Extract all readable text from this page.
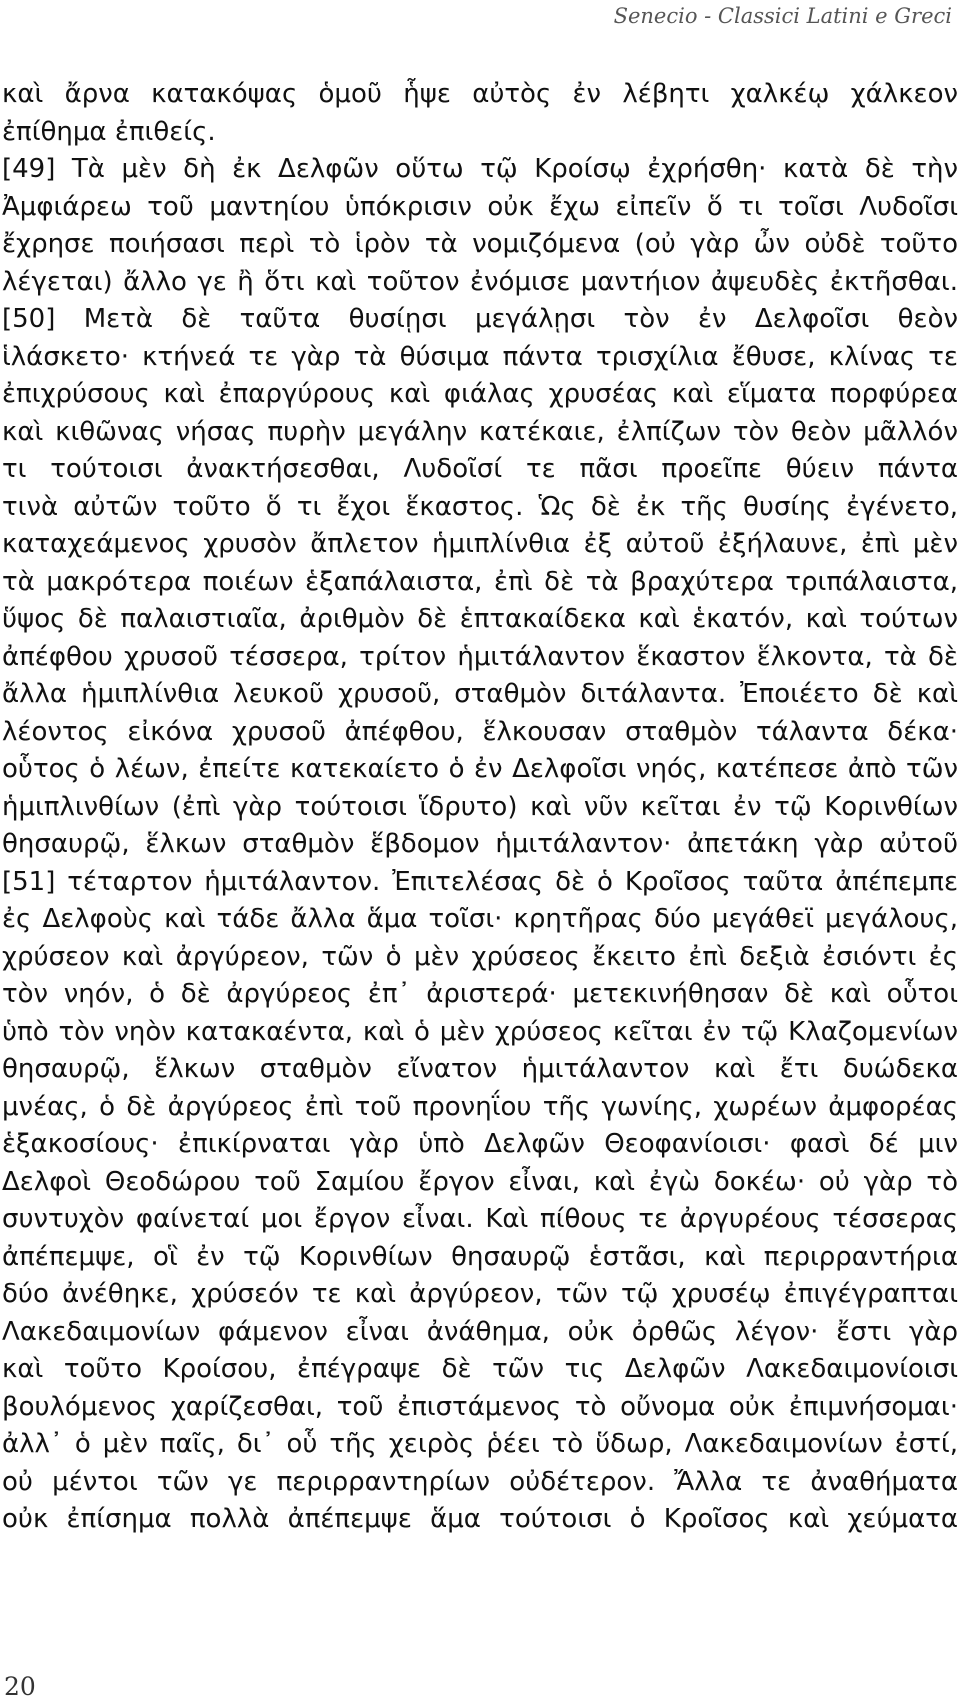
Senecio - Classici Latini e Greci
καὶ ἄρνα κατακόψας ὁμοῦ ἧψε αὐτὸς ἐν λέβητι χαλκέῳ χάλκεον
ἐπίθημα ἐπιθείς.
[49] Τὰ μὲν δὴ ἐκ Δελφῶν οὕτω τῷ Κροίσῳ ἐχρήσθη· κατὰ δὲ τὴν
Ἀμφιάρεω τοῦ μαντηίου ὑπόκρισιν οὐκ ἔχω εἰπεῖν ὅ τι τοῖσι Λυδοῖσι
ἔχρησε ποιήσασι περὶ τὸ ἱρὸν τὰ νομιζόμενα (οὐ γὰρ ὦν οὐδὲ τοῦτο
λέγεται) ἄλλο γε ἢ ὅτι καὶ τοῦτον ἐνόμισε μαντήιον ἀψευδὲς ἐκτῆσθαι.
[50] Μετὰ δὲ ταῦτα θυσίῃσι μεγάλῃσι τὸν ἐν Δελφοῖσι θεὸν
ἱλάσκετο· κτήνεά τε γὰρ τὰ θύσιμα πάντα τρισχίλια ἔθυσε, κλίνας τε
ἐπιχρύσους καὶ ἐπαργύρους καὶ φιάλας χρυσέας καὶ εἵματα πορφύρεα
καὶ κιθῶνας νήσας πυρὴν μεγάλην κατέκαιε, ἐλπίζων τὸν θεὸν μᾶλλόν
τι τούτοισι ἀνακτήσεσθαι, Λυδοῖσί τε πᾶσι προεῖπε θύειν πάντα
τινὰ αὐτῶν τοῦτο ὅ τι ἔχοι ἕκαστος. Ὡς δὲ ἐκ τῆς θυσίης ἐγένετο,
καταχεάμενος χρυσὸν ἄπλετον ἡμιπλίνθια ἐξ αὐτοῦ ἐξήλαυνε, ἐπὶ μὲν
τὰ μακρότερα ποιέων ἑξαπάλαιστα, ἐπὶ δὲ τὰ βραχύτερα τριπάλαιστα,
ὕψος δὲ παλαιστιαῖα, ἀριθμὸν δὲ ἑπτακαίδεκα καὶ ἑκατόν, καὶ τούτων
ἀπέφθου χρυσοῦ τέσσερα, τρίτον ἡμιτάλαντον ἕκαστον ἕλκοντα, τὰ δὲ
ἄλλα ἡμιπλίνθια λευκοῦ χρυσοῦ, σταθμὸν διτάλαντα. Ἐποιέετο δὲ καὶ
λέοντος εἰκόνα χρυσοῦ ἀπέφθου, ἕλκουσαν σταθμὸν τάλαντα δέκα·
οὗτος ὁ λέων, ἐπείτε κατεκαίετο ὁ ἐν Δελφοῖσι νηός, κατέπεσε ἀπὸ τῶν
ἡμιπλινθίων (ἐπὶ γὰρ τούτοισι ἵδρυτο) καὶ νῦν κεῖται ἐν τῷ Κορινθίων
θησαυρῷ, ἕλκων σταθμὸν ἕβδομον ἡμιτάλαντον· ἀπετάκη γὰρ αὐτοῦ
[51] τέταρτον ἡμιτάλαντον. Ἐπιτελέσας δὲ ὁ Κροῖσος ταῦτα ἀπέπεμπε
ἐς Δελφοὺς καὶ τάδε ἄλλα ἅμα τοῖσι· κρητῆρας δύο μεγάθεϊ μεγάλους,
χρύσεον καὶ ἀργύρεον, τῶν ὁ μὲν χρύσεος ἔκειτο ἐπὶ δεξιὰ ἐσιόντι ἐς
τὸν νηόν, ὁ δὲ ἀργύρεος ἐπ᾽ ἀριστερά· μετεκινήθησαν δὲ καὶ οὗτοι
ὑπὸ τὸν νηὸν κατακαέντα, καὶ ὁ μὲν χρύσεος κεῖται ἐν τῷ Κλαζομενίων
θησαυρῷ, ἕλκων σταθμὸν εἴνατον ἡμιτάλαντον καὶ ἔτι δυώδεκα
μνέας, ὁ δὲ ἀργύρεος ἐπὶ τοῦ προνηΐου τῆς γωνίης, χωρέων ἀμφορέας
ἑξακοσίους· ἐπικίρναται γὰρ ὑπὸ Δελφῶν Θεοφανίοισι· φασὶ δέ μιν
Δελφοὶ Θεοδώρου τοῦ Σαμίου ἔργον εἶναι, καὶ ἐγὼ δοκέω· οὐ γὰρ τὸ
συντυχὸν φαίνεταί μοι ἔργον εἶναι. Καὶ πίθους τε ἀργυρέους τέσσερας
ἀπέπεμψε, οἳ ἐν τῷ Κορινθίων θησαυρῷ ἑστᾶσι, καὶ περιρραντήρια
δύο ἀνέθηκε, χρύσεόν τε καὶ ἀργύρεον, τῶν τῷ χρυσέῳ ἐπιγέγραπται
Λακεδαιμονίων φάμενον εἶναι ἀνάθημα, οὐκ ὀρθῶς λέγον· ἔστι γὰρ
καὶ τοῦτο Κροίσου, ἐπέγραψε δὲ τῶν τις Δελφῶν Λακεδαιμονίοισι
βουλόμενος χαρίζεσθαι, τοῦ ἐπιστάμενος τὸ οὔνομα οὐκ ἐπιμνήσομαι·
ἀλλ᾽ ὁ μὲν παῖς, δι᾽ οὗ τῆς χειρὸς ῥέει τὸ ὕδωρ, Λακεδαιμονίων ἐστί,
οὐ μέντοι τῶν γε περιρραντηρίων οὐδέτερον. Ἄλλα τε ἀναθήματα
οὐκ ἐπίσημα πολλὰ ἀπέπεμψε ἅμα τούτοισι ὁ Κροῖσος καὶ χεύματα
20
